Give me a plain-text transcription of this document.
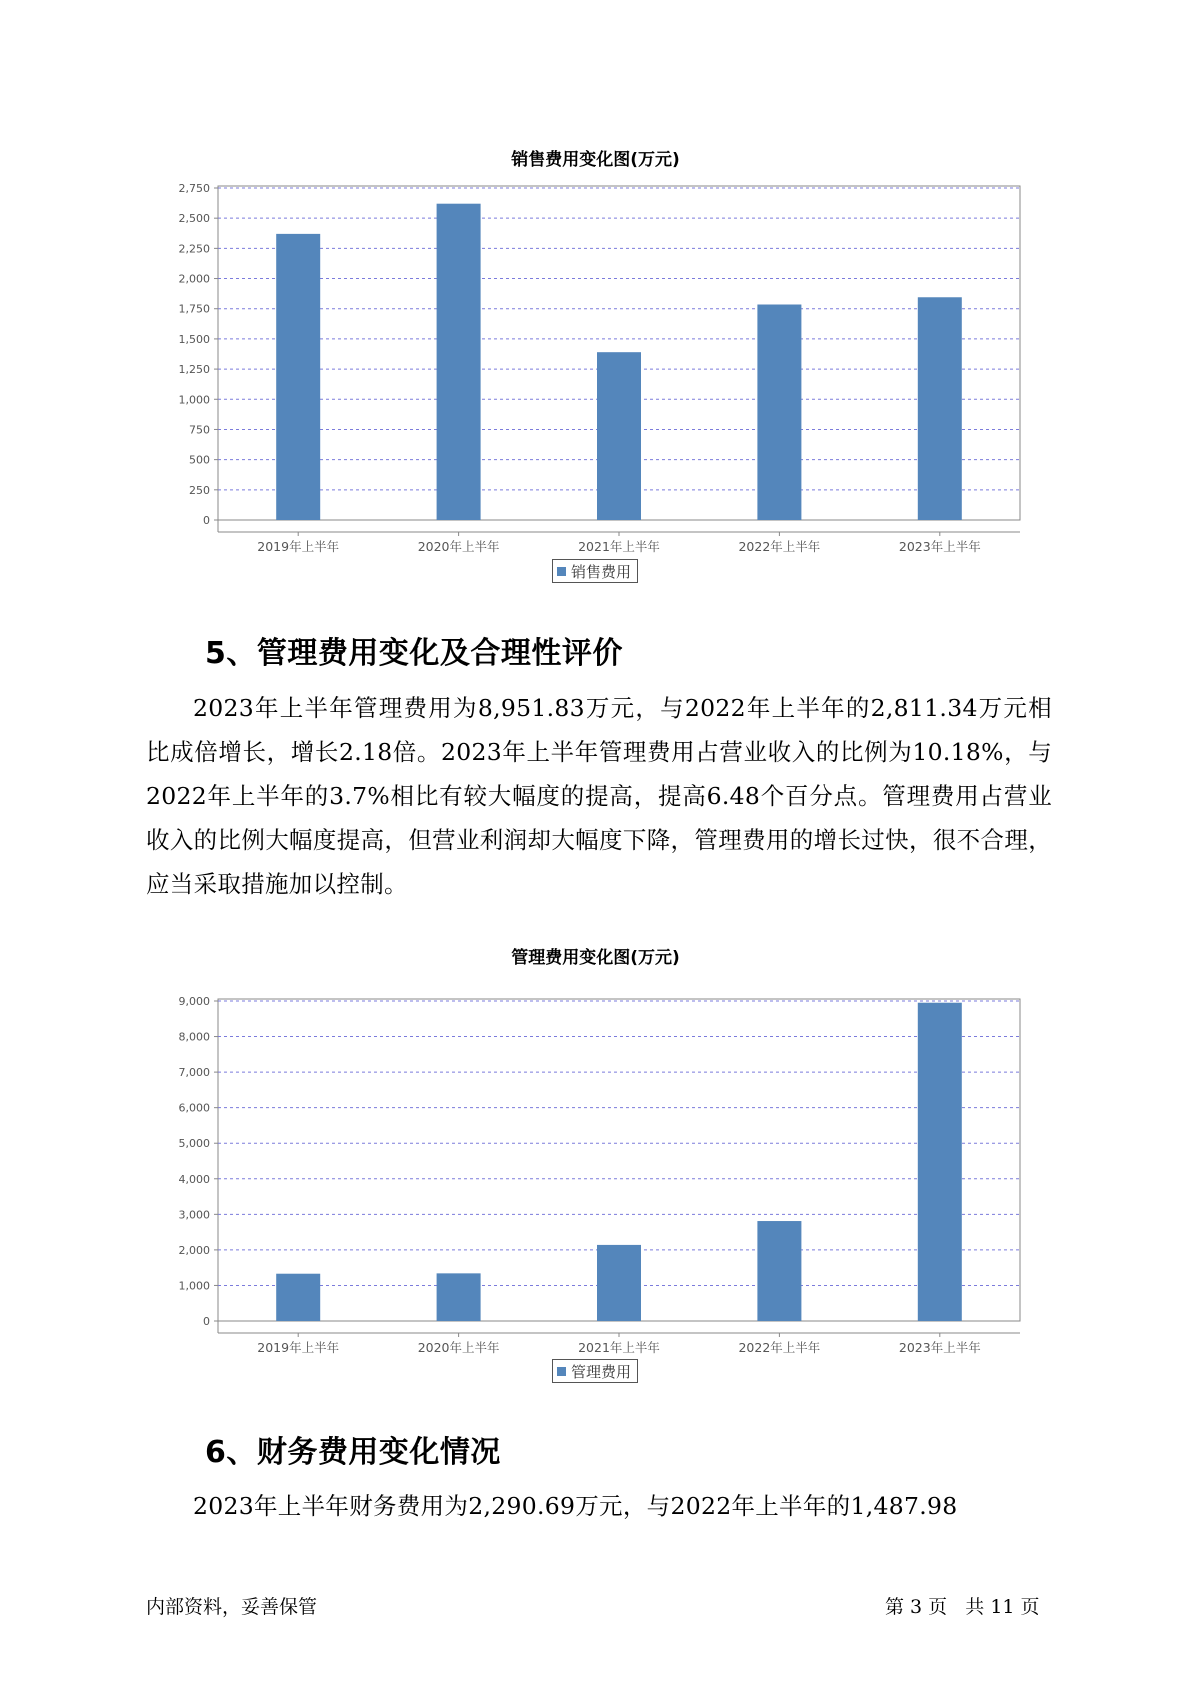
销售费用变化图(万元)
0
250
500
750
1,000
1,250
1,500
1,750
2,000
2,250
2,500
2,750
2019年上半年	2020年上半年	2021年上半年	2022年上半年	2023年上半年
销售费用
5、管理费用变化及合理性评价
2023年上半年管理费用为8,951.83万元，与2022年上半年的2,811.34万元相比成倍增长，增长2.18倍。2023年上半年管理费用占营业收入的比例为10.18%，与2022年上半年的3.7%相比有较大幅度的提高，提高6.48个百分点。管理费用占营业收入的比例大幅度提高，但营业利润却大幅度下降，管理费用的增长过快，很不合理，应当采取措施加以控制。
管理费用变化图(万元)
0
1,000
2,000
3,000
4,000
5,000
6,000
7,000
8,000
9,000
2019年上半年	2020年上半年	2021年上半年	2022年上半年	2023年上半年
管理费用
6、财务费用变化情况
2023年上半年财务费用为2,290.69万元，与2022年上半年的1,487.98
内部资料，妥善保管	第 3 页   共 11 页
